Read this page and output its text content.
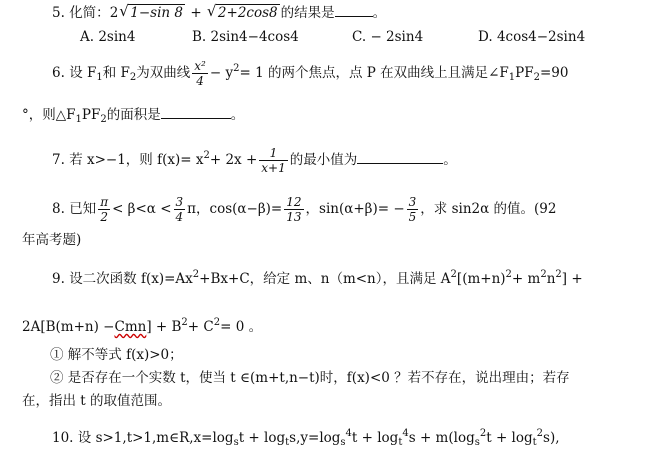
5. 化简：2 √ 1−sin 8 + √ 2+2cos8 的结果是	。
A. 2sin4	B. 2sin4−4cos4	C. − 2sin4	D. 4cos4−2sin4
6. 设 $F_1$和 $F_2$为双曲线 $\frac{\text{x²}}{4} - y^2= 1$ 的两个焦点，点 P 在双曲线上且满足$\angle F_1PF_2=90$
°，则$\triangle F_1PF_2$的面积是	。
7. 若 x>−1，则 $f(x)= x^2+ 2x + \frac{1}{x+1}$ 的最小值为	。
8. 已知 $\frac{\pi}{2} < \beta<\alpha < \frac{3}{4}$ π，$\cos(\alpha-\beta)= \frac{12}{13}$ ，$\sin(\alpha+\beta)= - \frac{3}{5}$ ，求 sin2α 的值。(92
年高考题)
9. 设二次函数 $f(x)=Ax^2+Bx+C$，给定 m、n（m<n），且满足 $A^2[(m+n)^2+ m^2n^2]$ +
$2A[B(m+n) -Cmn] + B^2+ C^2= 0$ 。
① 解不等式 f(x)>0；
② 是否存在一个实数 t，使当 t ∈(m+t,n−t)时，f(x)<0 ？若不存在，说出理由；若存
在，指出 t 的取值范围。
10. 设 $s>1,t>1,m\in R,x=\log_st + \log_ts,y=\log_s^4t + \log_t^4s + m(\log_s^2t + \log_t^2s)$,
